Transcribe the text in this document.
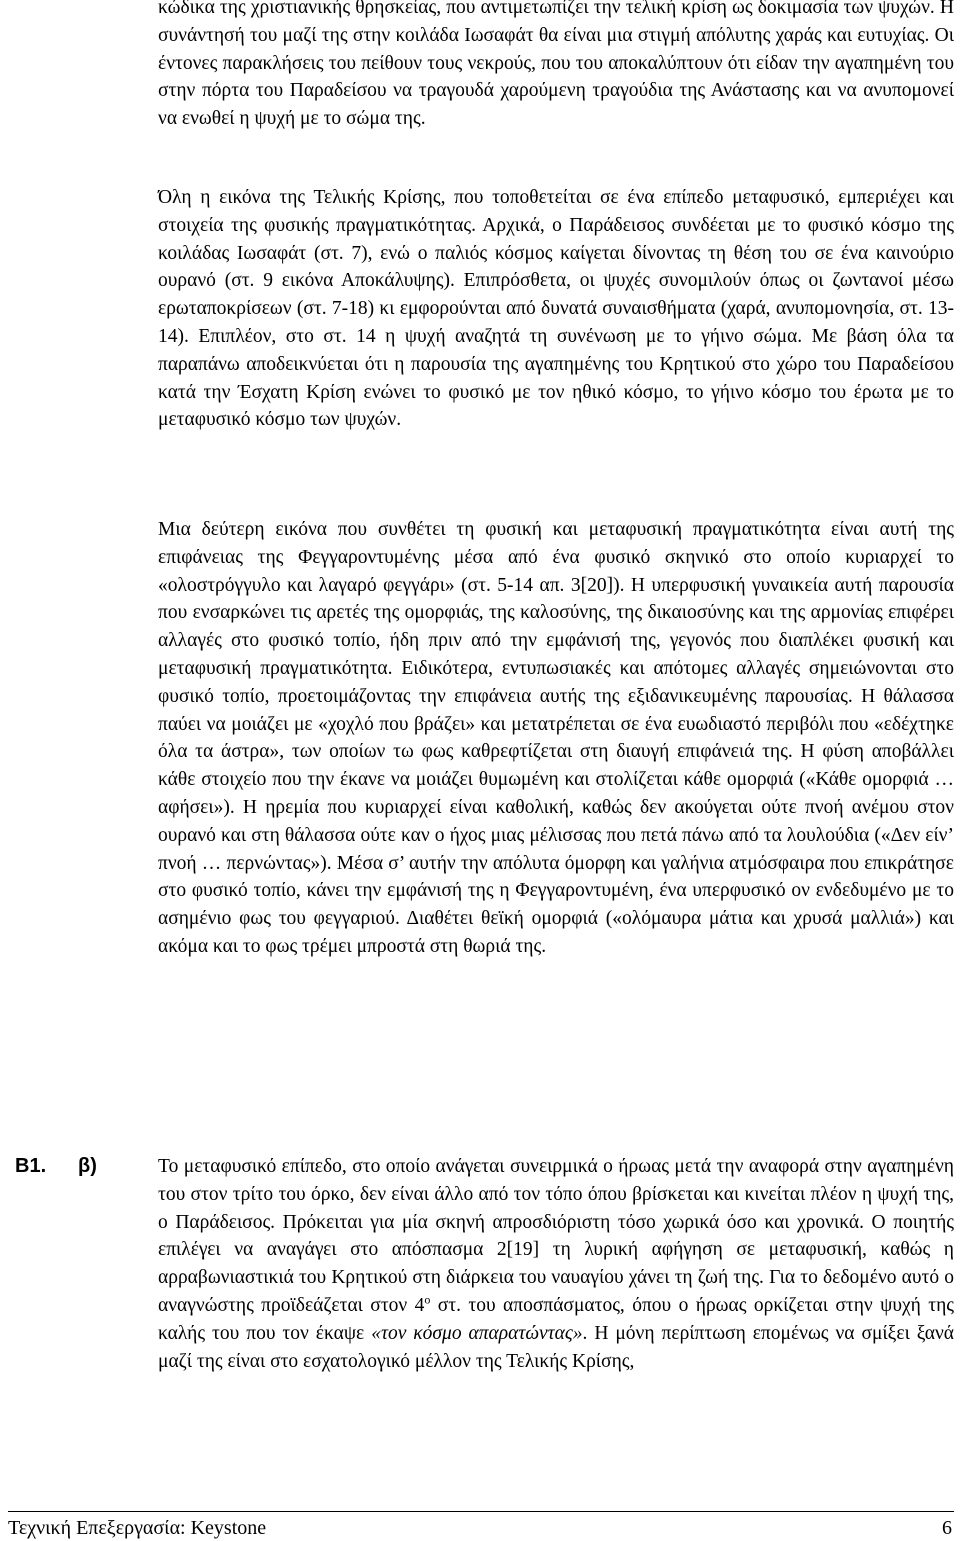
κώδικα της χριστιανικής θρησκείας, που αντιμετωπίζει την τελική κρίση ως δοκιμασία των ψυχών. Η συνάντησή του μαζί της στην κοιλάδα Ιωσαφάτ θα είναι μια στιγμή απόλυτης χαράς και ευτυχίας. Οι έντονες παρακλήσεις του πείθουν τους νεκρούς, που του αποκαλύπτουν ότι είδαν την αγαπημένη του στην πόρτα του Παραδείσου να τραγουδά χαρούμενη τραγούδια της Ανάστασης και να ανυπομονεί να ενωθεί η ψυχή με το σώμα της.

Όλη η εικόνα της Τελικής Κρίσης, που τοποθετείται σε ένα επίπεδο μεταφυσικό, εμπεριέχει και στοιχεία της φυσικής πραγματικότητας. Αρχικά, ο Παράδεισος συνδέεται με το φυσικό κόσμο της κοιλάδας Ιωσαφάτ (στ. 7), ενώ ο παλιός κόσμος καίγεται δίνοντας τη θέση του σε ένα καινούριο ουρανό (στ. 9 εικόνα Αποκάλυψης). Επιπρόσθετα, οι ψυχές συνομιλούν όπως οι ζωντανοί μέσω ερωταποκρίσεων (στ. 7-18) κι εμφορούνται από δυνατά συναισθήματα (χαρά, ανυπομονησία, στ. 13-14). Επιπλέον, στο στ. 14 η ψυχή αναζητά τη συνένωση με το γήινο σώμα. Με βάση όλα τα παραπάνω αποδεικνύεται ότι η παρουσία της αγαπημένης του Κρητικού στο χώρο του Παραδείσου κατά την Έσχατη Κρίση ενώνει το φυσικό με τον ηθικό κόσμο, το γήινο κόσμο του έρωτα με το μεταφυσικό κόσμο των ψυχών.

Μια δεύτερη εικόνα που συνθέτει τη φυσική και μεταφυσική πραγματικότητα είναι αυτή της επιφάνειας της Φεγγαροντυμένης μέσα από ένα φυσικό σκηνικό στο οποίο κυριαρχεί το «ολοστρόγγυλο και λαγαρό φεγγάρι» (στ. 5-14 απ. 3[20]). Η υπερφυσική γυναικεία αυτή παρουσία που ενσαρκώνει τις αρετές της ομορφιάς, της καλοσύνης, της δικαιοσύνης και της αρμονίας επιφέρει αλλαγές στο φυσικό τοπίο, ήδη πριν από την εμφάνισή της, γεγονός που διαπλέκει φυσική και μεταφυσική πραγματικότητα. Ειδικότερα, εντυπωσιακές και απότομες αλλαγές σημειώνονται στο φυσικό τοπίο, προετοιμάζοντας την επιφάνεια αυτής της εξιδανικευμένης παρουσίας. Η θάλασσα παύει να μοιάζει με «χοχλό που βράζει» και μετατρέπεται σε ένα ευωδιαστό περιβόλι που «εδέχτηκε όλα τα άστρα», των οποίων τω φως καθρεφτίζεται στη διαυγή επιφάνειά της. Η φύση αποβάλλει κάθε στοιχείο που την έκανε να μοιάζει θυμωμένη και στολίζεται κάθε ομορφιά («Κάθε ομορφιά … αφήσει»). Η ηρεμία που κυριαρχεί είναι καθολική, καθώς δεν ακούγεται ούτε πνοή ανέμου στον ουρανό και στη θάλασσα ούτε καν ο ήχος μιας μέλισσας που πετά πάνω από τα λουλούδια («Δεν είν’ πνοή … περνώντας»). Μέσα σ’ αυτήν την απόλυτα όμορφη και γαλήνια ατμόσφαιρα που επικράτησε στο φυσικό τοπίο, κάνει την εμφάνισή της η Φεγγαροντυμένη, ένα υπερφυσικό ον ενδεδυμένο με το ασημένιο φως του φεγγαριού. Διαθέτει θεϊκή ομορφιά («ολόμαυρα μάτια και χρυσά μαλλιά») και ακόμα και το φως τρέμει μπροστά στη θωριά της.

Β1. β)	Το μεταφυσικό επίπεδο, στο οποίο ανάγεται συνειρμικά ο ήρωας μετά την αναφορά στην αγαπημένη του στον τρίτο του όρκο, δεν είναι άλλο από τον τόπο όπου βρίσκεται και κινείται πλέον η ψυχή της, ο Παράδεισος. Πρόκειται για μία σκηνή απροσδιόριστη τόσο χωρικά όσο και χρονικά. Ο ποιητής επιλέγει να αναγάγει στο απόσπασμα 2[19] τη λυρική αφήγηση σε μεταφυσική, καθώς η αρραβωνιαστικιά του Κρητικού στη διάρκεια του ναυαγίου χάνει τη ζωή της. Για το δεδομένο αυτό ο αναγνώστης προϊδεάζεται στον $4^o$ στ. του αποσπάσματος, όπου ο ήρωας ορκίζεται στην ψυχή της καλής του που τον έκαψε «τον κόσμο απαρατώντας». Η μόνη περίπτωση επομένως να σμίξει ξανά μαζί της είναι στο εσχατολογικό μέλλον της Τελικής Κρίσης,

Τεχνική Επεξεργασία: Keystone	6
